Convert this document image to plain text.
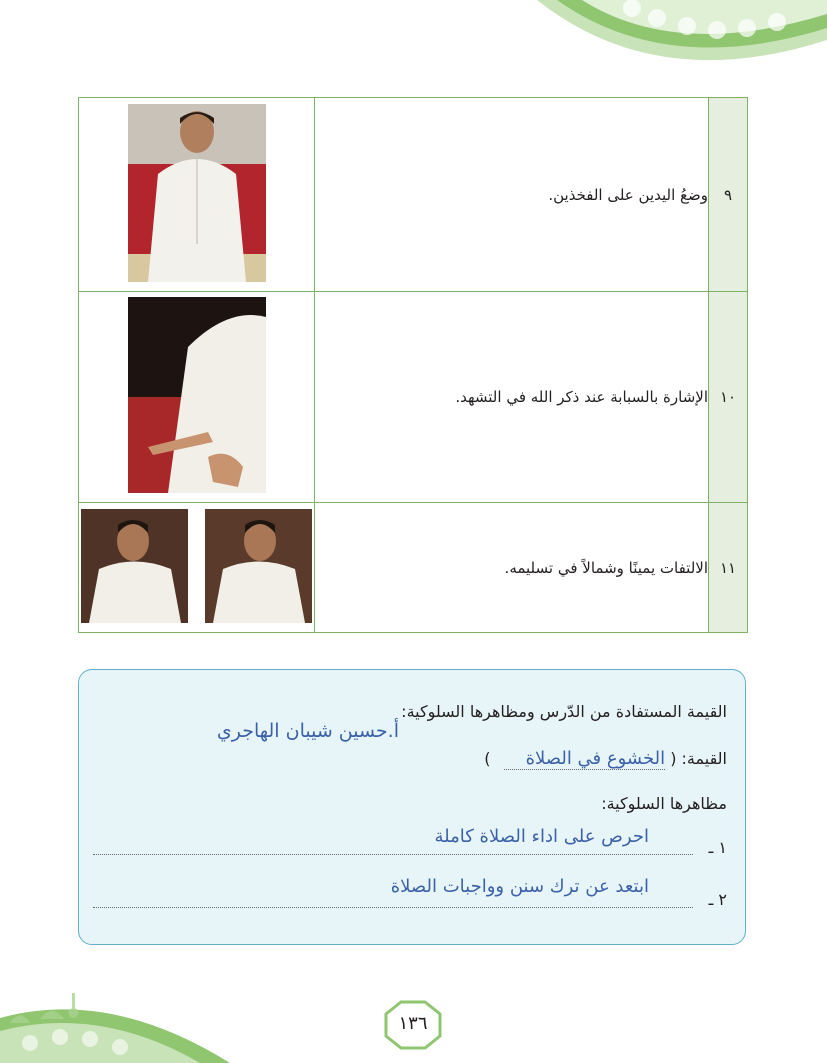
٩	وضعُ اليدين على الفخذين.	

١٠	الإشارة بالسبابة عند ذكر الله في التشهد.	

١١	الالتفات يمينًا وشمالاً في تسليمه.	

القيمة المستفادة من الدّرس ومظاهرها السلوكية:
أ.حسين شيبان الهاجري
القيمة: ( الخشوع في الصلاة )
مظاهرها السلوكية:
١ ـ
احرص على اداء الصلاة كاملة
٢ ـ
ابتعد عن ترك سنن وواجبات الصلاة
١٣٦
